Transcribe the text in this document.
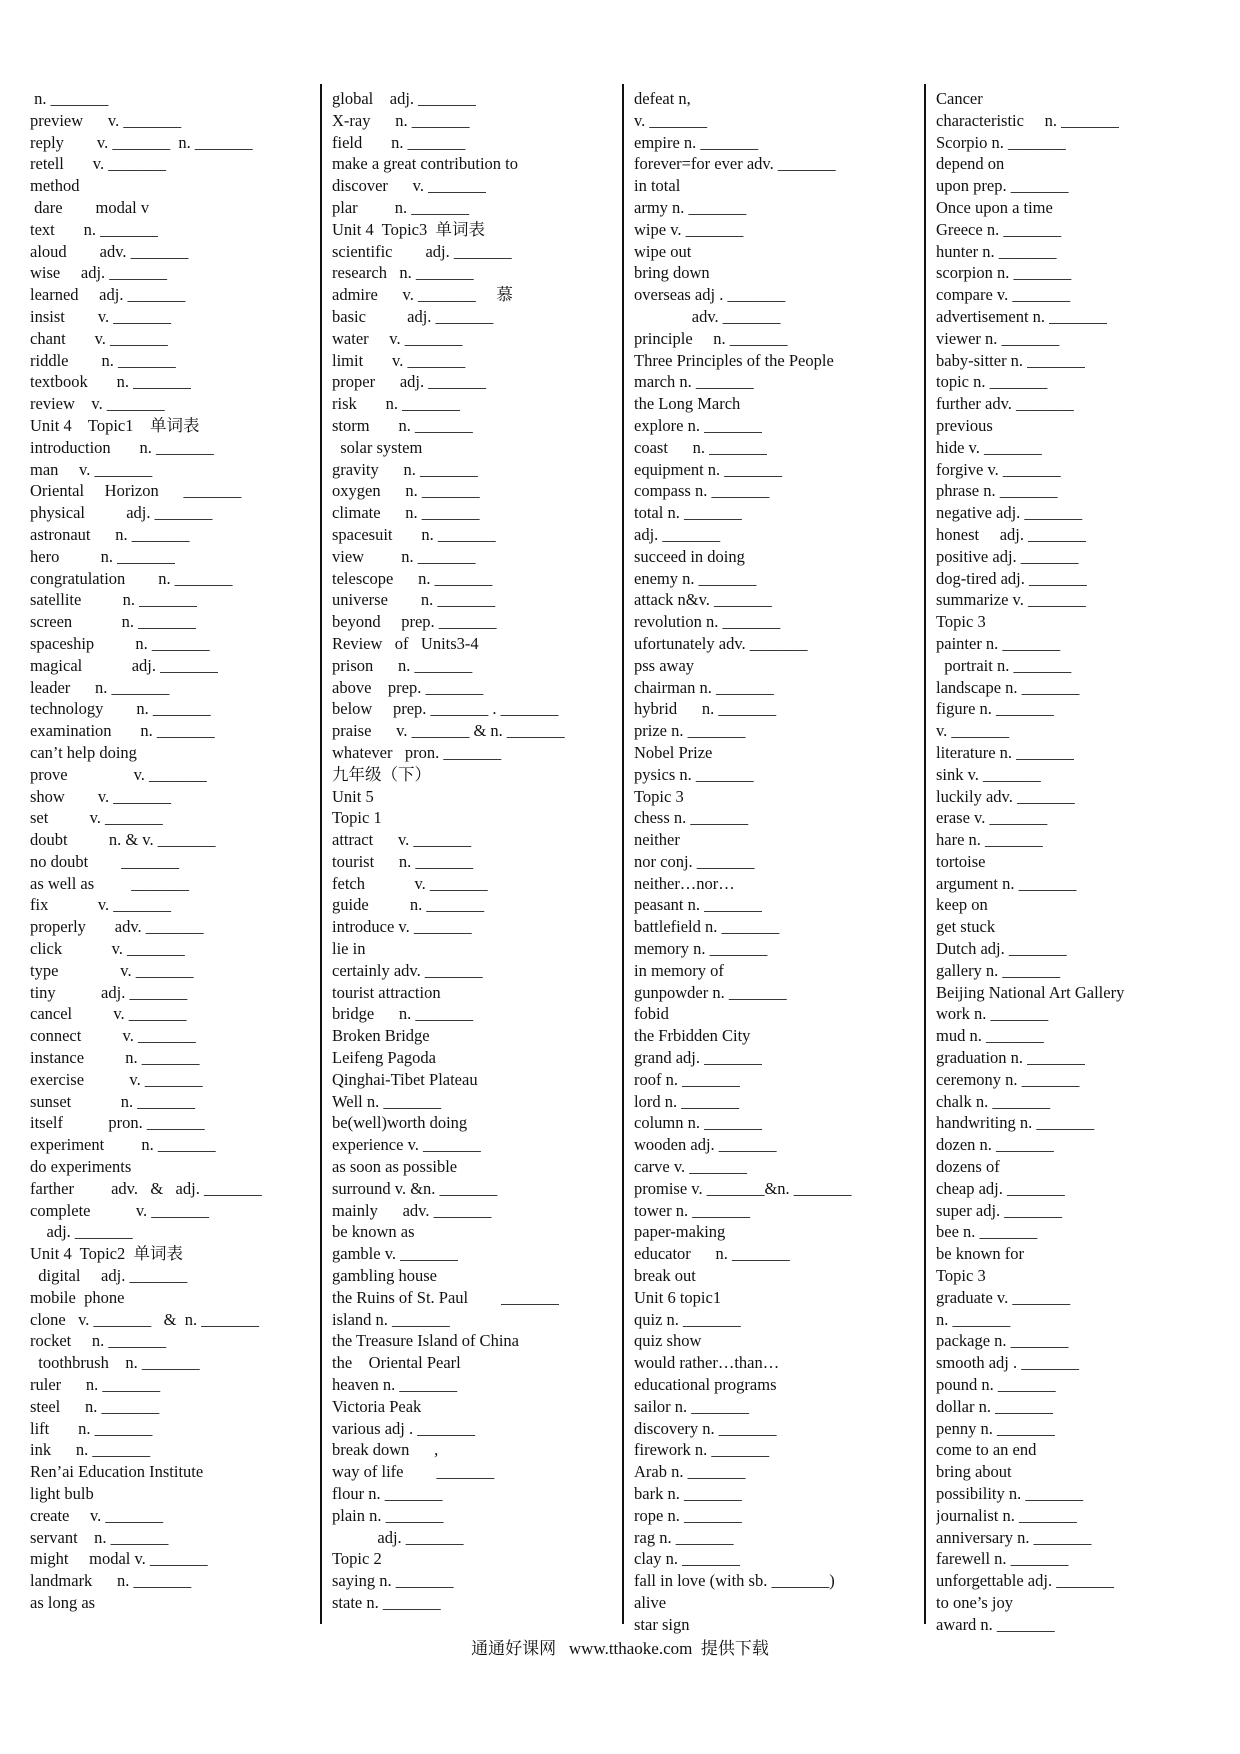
n. _______
preview      v. _______
reply        v. _______  n. _______
retell       v. _______
method
dare        modal v
text       n. _______
aloud        adv. _______
wise     adj. _______
learned     adj. _______
insist        v. _______
chant       v. _______
riddle        n. _______
textbook       n. _______
review    v. _______
Unit 4    Topic1    单词表
introduction       n. _______
man     v. _______
Oriental     Horizon      _______
physical          adj. _______
astronaut      n. _______
hero          n. _______
congratulation        n. _______
satellite          n. _______
screen            n. _______
spaceship          n. _______
magical            adj. _______
leader      n. _______
technology        n. _______
examination       n. _______
can’t help doing
prove                v. _______
show        v. _______
set          v. _______
doubt          n. & v. _______
no doubt        _______
as well as         _______
fix            v. _______
properly       adv. _______
click            v. _______
type               v. _______
tiny           adj. _______
cancel          v. _______
connect          v. _______
instance          n. _______
exercise           v. _______
sunset            n. _______
itself           pron. _______
experiment         n. _______
do experiments
farther         adv.   &   adj. _______
complete           v. _______
adj. _______
Unit 4  Topic2  单词表
digital     adj. _______
mobile  phone
clone   v. _______   &  n. _______
rocket     n. _______
toothbrush    n. _______
ruler      n. _______
steel      n. _______
lift       n. _______
ink      n. _______
Ren’ai Education Institute
light bulb
create     v. _______
servant    n. _______
might     modal v. _______
landmark      n. _______
as long as
global    adj. _______
X-ray      n. _______
field       n. _______
make a great contribution to
discover      v. _______
plar         n. _______
Unit 4  Topic3  单词表
scientific        adj. _______
research   n. _______
admire      v. _______     慕
basic          adj. _______
water     v. _______
limit       v. _______
proper      adj. _______
risk       n. _______
storm       n. _______
solar system
gravity      n. _______
oxygen      n. _______
climate      n. _______
spacesuit       n. _______
view         n. _______
telescope      n. _______
universe        n. _______
beyond     prep. _______
Review   of   Units3-4
prison      n. _______
above    prep. _______
below     prep. _______ . _______
praise      v. _______ & n. _______
whatever   pron. _______
九年级（下）
Unit 5
Topic 1
attract      v. _______
tourist      n. _______
fetch            v. _______
guide          n. _______
introduce v. _______
lie in
certainly adv. _______
tourist attraction
bridge      n. _______
Broken Bridge
Leifeng Pagoda
Qinghai-Tibet Plateau
Well n. _______
be(well)worth doing
experience v. _______
as soon as possible
surround v. &n. _______
mainly      adv. _______
be known as
gamble v. _______
gambling house
the Ruins of St. Paul        _______
island n. _______
the Treasure Island of China
the    Oriental Pearl
heaven n. _______
Victoria Peak
various adj . _______
break down      ,
way of life        _______
flour n. _______
plain n. _______
adj. _______
Topic 2
saying n. _______
state n. _______
defeat n,
v. _______
empire n. _______
forever=for ever adv. _______
in total
army n. _______
wipe v. _______
wipe out
bring down
overseas adj . _______
adv. _______
principle     n. _______
Three Principles of the People
march n. _______
the Long March
explore n. _______
coast      n. _______
equipment n. _______
compass n. _______
total n. _______
adj. _______
succeed in doing
enemy n. _______
attack n&v. _______
revolution n. _______
ufortunately adv. _______
pss away
chairman n. _______
hybrid      n. _______
prize n. _______
Nobel Prize
pysics n. _______
Topic 3
chess n. _______
neither
nor conj. _______
neither…nor…
peasant n. _______
battlefield n. _______
memory n. _______
in memory of
gunpowder n. _______
fobid
the Frbidden City
grand adj. _______
roof n. _______
lord n. _______
column n. _______
wooden adj. _______
carve v. _______
promise v. _______&n. _______
tower n. _______
paper-making
educator      n. _______
break out
Unit 6 topic1
quiz n. _______
quiz show
would rather…than…
educational programs
sailor n. _______
discovery n. _______
firework n. _______
Arab n. _______
bark n. _______
rope n. _______
rag n. _______
clay n. _______
fall in love (with sb. _______)
alive
star sign
Cancer
characteristic     n. _______
Scorpio n. _______
depend on
upon prep. _______
Once upon a time
Greece n. _______
hunter n. _______
scorpion n. _______
compare v. _______
advertisement n. _______
viewer n. _______
baby-sitter n. _______
topic n. _______
further adv. _______
previous
hide v. _______
forgive v. _______
phrase n. _______
negative adj. _______
honest     adj. _______
positive adj. _______
dog-tired adj. _______
summarize v. _______
Topic 3
painter n. _______
portrait n. _______
landscape n. _______
figure n. _______
v. _______
literature n. _______
sink v. _______
luckily adv. _______
erase v. _______
hare n. _______
tortoise
argument n. _______
keep on
get stuck
Dutch adj. _______
gallery n. _______
Beijing National Art Gallery
work n. _______
mud n. _______
graduation n. _______
ceremony n. _______
chalk n. _______
handwriting n. _______
dozen n. _______
dozens of
cheap adj. _______
super adj. _______
bee n. _______
be known for
Topic 3
graduate v. _______
n. _______
package n. _______
smooth adj . _______
pound n. _______
dollar n. _______
penny n. _______
come to an end
bring about
possibility n. _______
journalist n. _______
anniversary n. _______
farewell n. _______
unforgettable adj. _______
to one’s joy
award n. _______
通通好课网   www.tthaoke.com  提供下载
